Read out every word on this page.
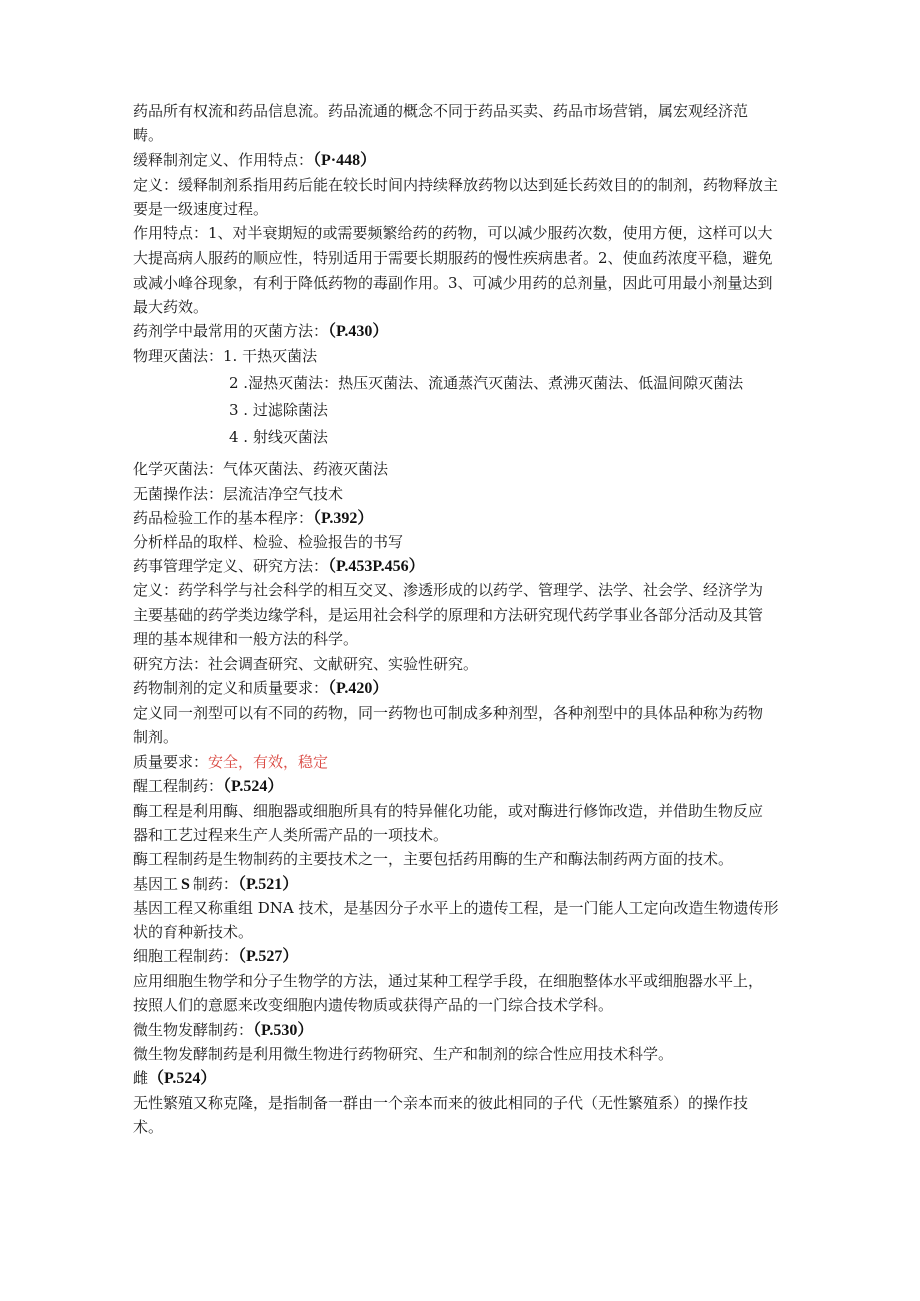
药品所有权流和药品信息流。药品流通的概念不同于药品买卖、药品市场营销，属宏观经济范
畴。
缓释制剂定义、作用特点：（P·448）
定义：缓释制剂系指用药后能在较长时间内持续释放药物以达到延长药效目的的制剂，药物释放主
要是一级速度过程。
作用特点：1、对半衰期短的或需要频繁给药的药物，可以减少服药次数，使用方便，这样可以大
大提高病人服药的顺应性，特别适用于需要长期服药的慢性疾病患者。2、使血药浓度平稳，避免
或减小峰谷现象，有利于降低药物的毒副作用。3、可减少用药的总剂量，因此可用最小剂量达到
最大药效。
药剂学中最常用的灭菌方法：（P.430）
物理灭菌法：1. 干热灭菌法
2 .湿热灭菌法：热压灭菌法、流通蒸汽灭菌法、煮沸灭菌法、低温间隙灭菌法
3 . 过滤除菌法
4 . 射线灭菌法
化学灭菌法：气体灭菌法、药液灭菌法
无菌操作法：层流洁净空气技术
药品检验工作的基本程序：（P.392）
分析样品的取样、检验、检验报告的书写
药事管理学定义、研究方法：（P.453P.456）
定义：药学科学与社会科学的相互交叉、渗透形成的以药学、管理学、法学、社会学、经济学为
主要基础的药学类边缘学科，是运用社会科学的原理和方法研究现代药学事业各部分活动及其管
理的基本规律和一般方法的科学。
研究方法：社会调查研究、文献研究、实验性研究。
药物制剂的定义和质量要求：（P.420）
定义同一剂型可以有不同的药物，同一药物也可制成多种剂型，各种剂型中的具体品种称为药物
制剂。
质量要求：安全，有效，稳定
醒工程制药：（P.524）
酶工程是利用酶、细胞器或细胞所具有的特异催化功能，或对酶进行修饰改造，并借助生物反应
器和工艺过程来生产人类所需产品的一项技术。
酶工程制药是生物制药的主要技术之一，主要包括药用酶的生产和酶法制药两方面的技术。
基因工 S 制药：（P.521）
基因工程又称重组 DNA 技术，是基因分子水平上的遗传工程，是一门能人工定向改造生物遗传形
状的育种新技术。
细胞工程制药：（P.527）
应用细胞生物学和分子生物学的方法，通过某种工程学手段，在细胞整体水平或细胞器水平上，
按照人们的意愿来改变细胞内遗传物质或获得产品的一门综合技术学科。
微生物发酵制药：（P.530）
微生物发酵制药是利用微生物进行药物研究、生产和制剂的综合性应用技术科学。
雌（P.524）
无性繁殖又称克隆，是指制备一群由一个亲本而来的彼此相同的子代（无性繁殖系）的操作技
术。
